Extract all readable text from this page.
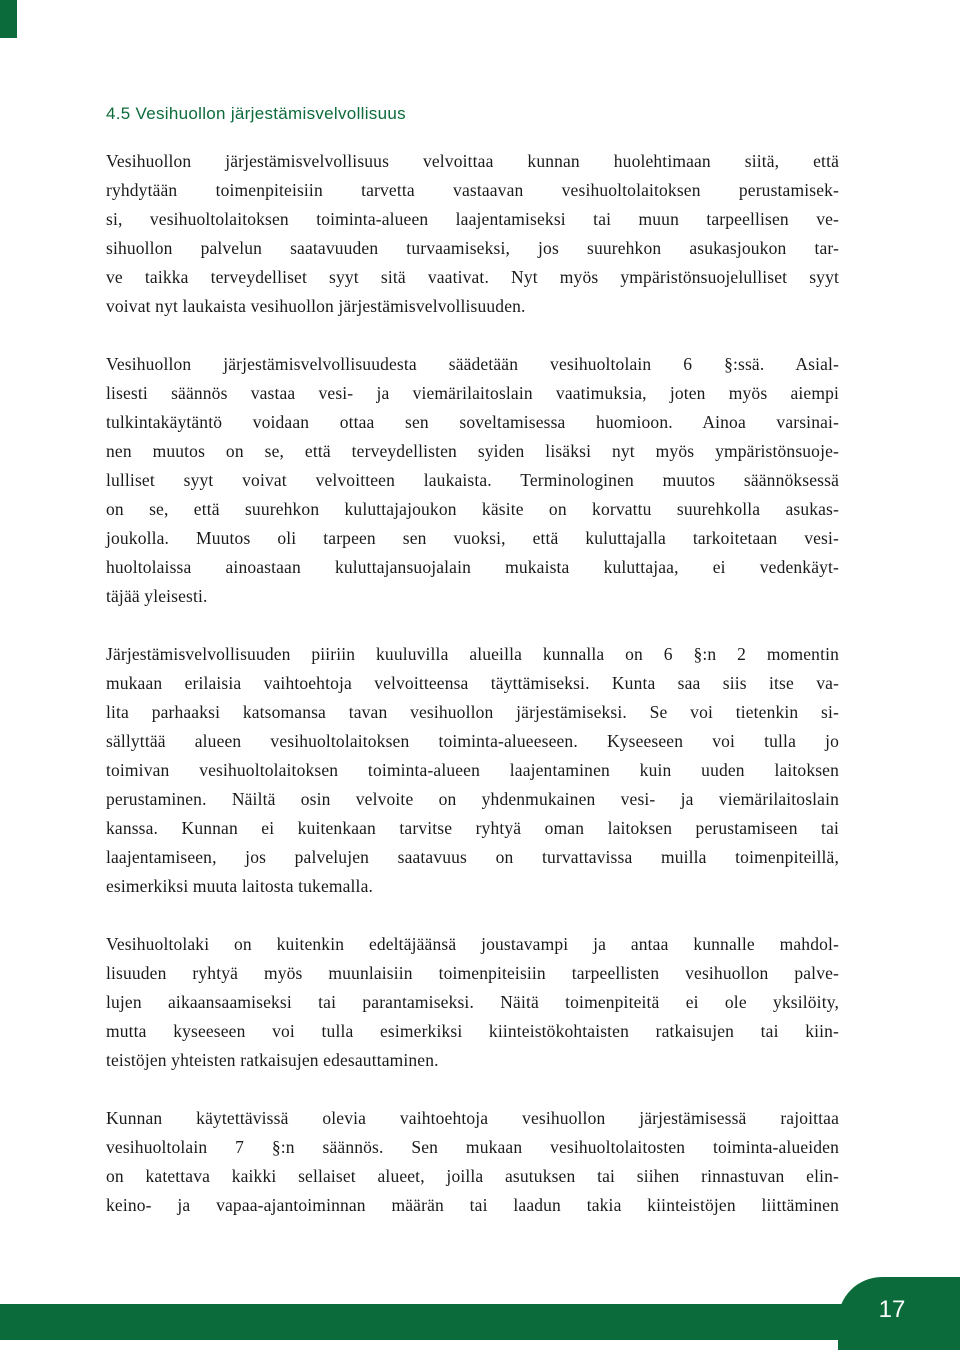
4.5 Vesihuollon järjestämisvelvollisuus
Vesihuollon järjestämisvelvollisuus velvoittaa kunnan huolehtimaan siitä, että
ryhdytään toimenpiteisiin tarvetta vastaavan vesihuoltolaitoksen perustamisek-
si, vesihuoltolaitoksen toiminta-alueen laajentamiseksi tai muun tarpeellisen ve-
sihuollon palvelun saatavuuden turvaamiseksi, jos suurehkon asukasjoukon tar-
ve taikka terveydelliset syyt sitä vaativat. Nyt myös ympäristönsuojelulliset syyt
voivat nyt laukaista vesihuollon järjestämisvelvollisuuden.
Vesihuollon järjestämisvelvollisuudesta säädetään vesihuoltolain 6 §:ssä. Asial-
lisesti säännös vastaa vesi- ja viemärilaitoslain vaatimuksia, joten myös aiempi
tulkintakäytäntö voidaan ottaa sen soveltamisessa huomioon. Ainoa varsinai-
nen muutos on se, että terveydellisten syiden lisäksi nyt myös ympäristönsuoje-
lulliset syyt voivat velvoitteen laukaista. Terminologinen muutos säännöksessä
on se, että suurehkon kuluttajajoukon käsite on korvattu suurehkolla asukas-
joukolla. Muutos oli tarpeen sen vuoksi, että kuluttajalla tarkoitetaan vesi-
huoltolaissa ainoastaan kuluttajansuojalain mukaista kuluttajaa, ei vedenkäyt-
täjää yleisesti.
Järjestämisvelvollisuuden piiriin kuuluvilla alueilla kunnalla on 6 §:n 2 momentin
mukaan erilaisia vaihtoehtoja velvoitteensa täyttämiseksi. Kunta saa siis itse va-
lita parhaaksi katsomansa tavan vesihuollon järjestämiseksi. Se voi tietenkin si-
sällyttää alueen vesihuoltolaitoksen toiminta-alueeseen. Kyseeseen voi tulla jo
toimivan vesihuoltolaitoksen toiminta-alueen laajentaminen kuin uuden laitoksen
perustaminen. Näiltä osin velvoite on yhdenmukainen vesi- ja viemärilaitoslain
kanssa. Kunnan ei kuitenkaan tarvitse ryhtyä oman laitoksen perustamiseen tai
laajentamiseen, jos palvelujen saatavuus on turvattavissa muilla toimenpiteillä,
esimerkiksi muuta laitosta tukemalla.
Vesihuoltolaki on kuitenkin edeltäjäänsä joustavampi ja antaa kunnalle mahdol-
lisuuden ryhtyä myös muunlaisiin toimenpiteisiin tarpeellisten vesihuollon palve-
lujen aikaansaamiseksi tai parantamiseksi. Näitä toimenpiteitä ei ole yksilöity,
mutta kyseeseen voi tulla esimerkiksi kiinteistökohtaisten ratkaisujen tai kiin-
teistöjen yhteisten ratkaisujen edesauttaminen.
Kunnan käytettävissä olevia vaihtoehtoja vesihuollon järjestämisessä rajoittaa
vesihuoltolain 7 §:n säännös. Sen mukaan vesihuoltolaitosten toiminta-alueiden
on katettava kaikki sellaiset alueet, joilla asutuksen tai siihen rinnastuvan elin-
keino- ja vapaa-ajantoiminnan määrän tai laadun takia kiinteistöjen liittäminen
17
